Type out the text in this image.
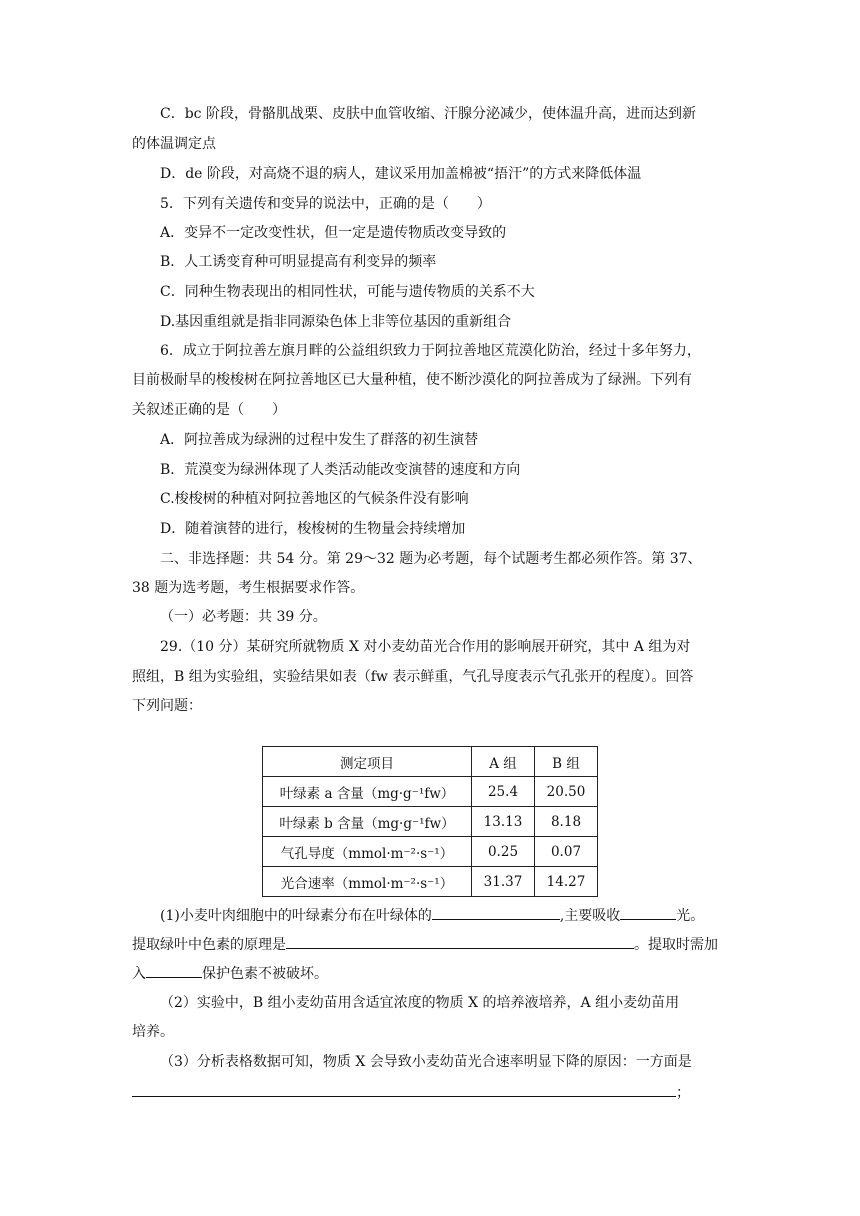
C．bc 阶段，骨骼肌战栗、皮肤中血管收缩、汗腺分泌减少，使体温升高，进而达到新
的体温调定点
D．de 阶段，对高烧不退的病人，建议采用加盖棉被“捂汗”的方式来降低体温
5．下列有关遗传和变异的说法中，正确的是（　　）
A．变异不一定改变性状，但一定是遗传物质改变导致的
B．人工诱变育种可明显提高有利变异的频率
C．同种生物表现出的相同性状，可能与遗传物质的关系不大
D.基因重组就是指非同源染色体上非等位基因的重新组合
6．成立于阿拉善左旗月畔的公益组织致力于阿拉善地区荒漠化防治，经过十多年努力，
目前极耐旱的梭梭树在阿拉善地区已大量种植，使不断沙漠化的阿拉善成为了绿洲。下列有
关叙述正确的是（　　）
A．阿拉善成为绿洲的过程中发生了群落的初生演替
B．荒漠变为绿洲体现了人类活动能改变演替的速度和方向
C.梭梭树的种植对阿拉善地区的气候条件没有影响
D．随着演替的进行，梭梭树的生物量会持续增加
二、非选择题：共 54 分。第 29～32 题为必考题，每个试题考生都必须作答。第 37、
38 题为选考题，考生根据要求作答。
（一）必考题：共 39 分。
29.（10 分）某研究所就物质 X 对小麦幼苗光合作用的影响展开研究，其中 A 组为对
照组，B 组为实验组，实验结果如表（fw 表示鲜重，气孔导度表示气孔张开的程度）。回答
下列问题：
测定项目	A 组	B 组
叶绿素 a 含量（mg·g⁻¹fw）	25.4	20.50
叶绿素 b 含量（mg·g⁻¹fw）	13.13	8.18
气孔导度（mmol·m⁻²·s⁻¹）	0.25	0.07
光合速率（mmol·m⁻²·s⁻¹）	31.37	14.27
(1)小麦叶肉细胞中的叶绿素分布在叶绿体的	,主要吸收	光。
提取绿叶中色素的原理是	。提取时需加
入	保护色素不被破坏。
（2）实验中，B 组小麦幼苗用含适宜浓度的物质 X 的培养液培养，A 组小麦幼苗用
培养。
（3）分析表格数据可知，物质 X 会导致小麦幼苗光合速率明显下降的原因：一方面是
；
